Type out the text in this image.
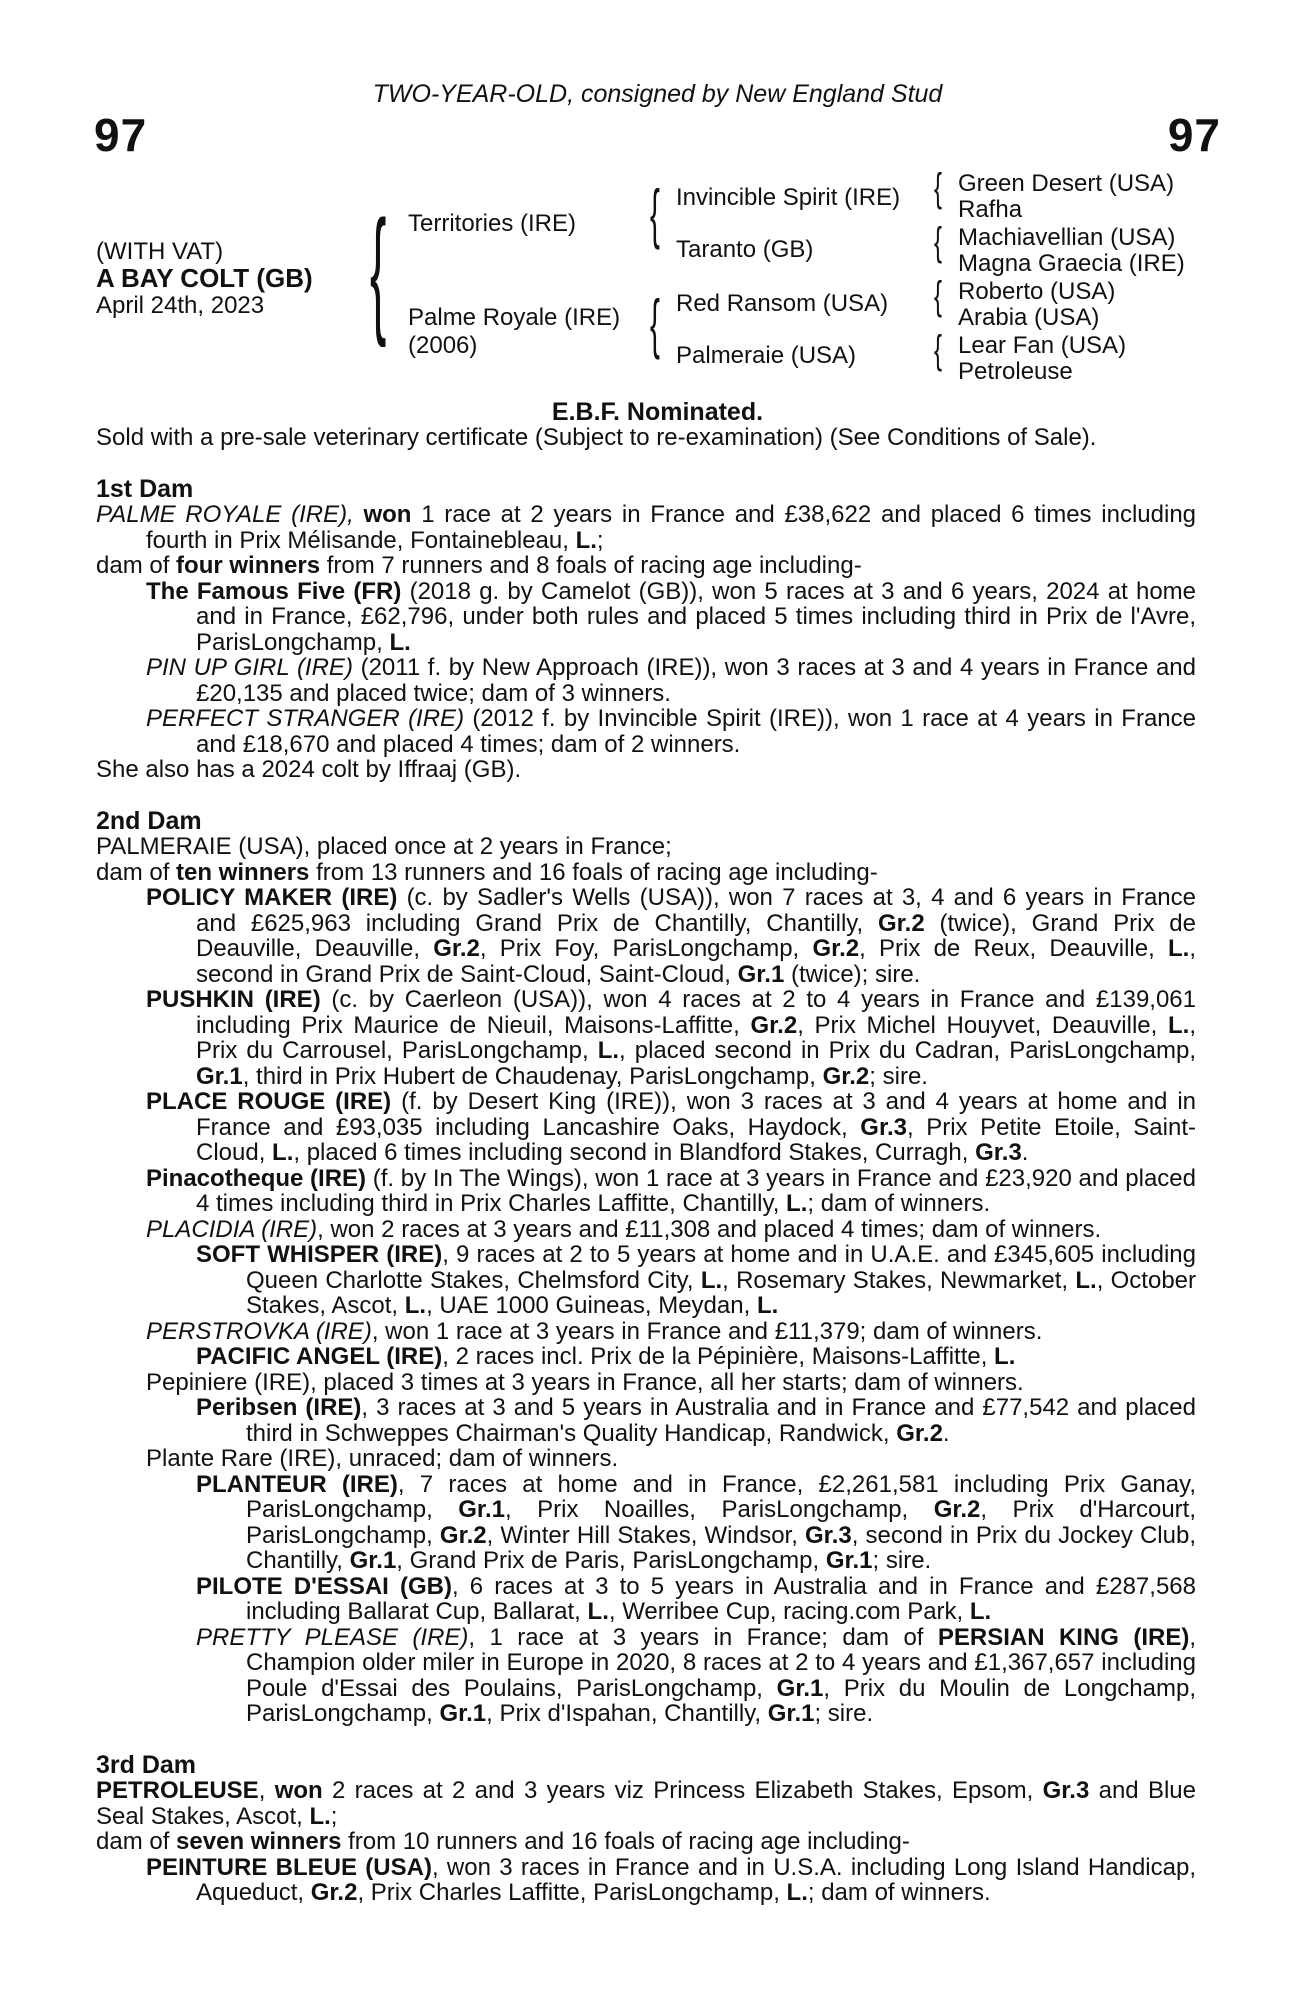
TWO-YEAR-OLD, consigned by New England Stud
97	97
(WITH VAT)
A BAY COLT (GB)
April 24th, 2023 { Territories (IRE)
Palme Royale (IRE)
(2006)
{ Invincible Spirit (IRE)
Taranto (GB)
{ Red Ransom (USA)
Palmeraie (USA)
{ Green Desert (USA)
Rafha
{ Machiavellian (USA)
Magna Graecia (IRE)
{ Roberto (USA)
Arabia (USA)
{ Lear Fan (USA)
Petroleuse
E.B.F. Nominated.
Sold with a pre-sale veterinary certificate (Subject to re-examination) (See Conditions of Sale).
1st Dam
PALME ROYALE (IRE), won 1 race at 2 years in France and £38,622 and placed 6 times including fourth in Prix Mélisande, Fontainebleau, L.;
dam of four winners from 7 runners and 8 foals of racing age including-
The Famous Five (FR) (2018 g. by Camelot (GB)), won 5 races at 3 and 6 years, 2024 at home and in France, £62,796, under both rules and placed 5 times including third in Prix de l'Avre, ParisLongchamp, L.
PIN UP GIRL (IRE) (2011 f. by New Approach (IRE)), won 3 races at 3 and 4 years in France and £20,135 and placed twice; dam of 3 winners.
PERFECT STRANGER (IRE) (2012 f. by Invincible Spirit (IRE)), won 1 race at 4 years in France and £18,670 and placed 4 times; dam of 2 winners.
She also has a 2024 colt by Iffraaj (GB).
2nd Dam
PALMERAIE (USA), placed once at 2 years in France;
dam of ten winners from 13 runners and 16 foals of racing age including-
POLICY MAKER (IRE) (c. by Sadler's Wells (USA)), won 7 races at 3, 4 and 6 years in France and £625,963 including Grand Prix de Chantilly, Chantilly, Gr.2 (twice), Grand Prix de Deauville, Deauville, Gr.2, Prix Foy, ParisLongchamp, Gr.2, Prix de Reux, Deauville, L., second in Grand Prix de Saint-Cloud, Saint-Cloud, Gr.1 (twice); sire.
PUSHKIN (IRE) (c. by Caerleon (USA)), won 4 races at 2 to 4 years in France and £139,061 including Prix Maurice de Nieuil, Maisons-Laffitte, Gr.2, Prix Michel Houyvet, Deauville, L., Prix du Carrousel, ParisLongchamp, L., placed second in Prix du Cadran, ParisLongchamp, Gr.1, third in Prix Hubert de Chaudenay, ParisLongchamp, Gr.2; sire.
PLACE ROUGE (IRE) (f. by Desert King (IRE)), won 3 races at 3 and 4 years at home and in France and £93,035 including Lancashire Oaks, Haydock, Gr.3, Prix Petite Etoile, Saint-Cloud, L., placed 6 times including second in Blandford Stakes, Curragh, Gr.3.
Pinacotheque (IRE) (f. by In The Wings), won 1 race at 3 years in France and £23,920 and placed 4 times including third in Prix Charles Laffitte, Chantilly, L.; dam of winners.
PLACIDIA (IRE), won 2 races at 3 years and £11,308 and placed 4 times; dam of winners.
SOFT WHISPER (IRE), 9 races at 2 to 5 years at home and in U.A.E. and £345,605 including Queen Charlotte Stakes, Chelmsford City, L., Rosemary Stakes, Newmarket, L., October Stakes, Ascot, L., UAE 1000 Guineas, Meydan, L.
PERSTROVKA (IRE), won 1 race at 3 years in France and £11,379; dam of winners.
PACIFIC ANGEL (IRE), 2 races incl. Prix de la Pépinière, Maisons-Laffitte, L.
Pepiniere (IRE), placed 3 times at 3 years in France, all her starts; dam of winners.
Peribsen (IRE), 3 races at 3 and 5 years in Australia and in France and £77,542 and placed third in Schweppes Chairman's Quality Handicap, Randwick, Gr.2.
Plante Rare (IRE), unraced; dam of winners.
PLANTEUR (IRE), 7 races at home and in France, £2,261,581 including Prix Ganay, ParisLongchamp, Gr.1, Prix Noailles, ParisLongchamp, Gr.2, Prix d'Harcourt, ParisLongchamp, Gr.2, Winter Hill Stakes, Windsor, Gr.3, second in Prix du Jockey Club, Chantilly, Gr.1, Grand Prix de Paris, ParisLongchamp, Gr.1; sire.
PILOTE D'ESSAI (GB), 6 races at 3 to 5 years in Australia and in France and £287,568 including Ballarat Cup, Ballarat, L., Werribee Cup, racing.com Park, L.
PRETTY PLEASE (IRE), 1 race at 3 years in France; dam of PERSIAN KING (IRE), Champion older miler in Europe in 2020, 8 races at 2 to 4 years and £1,367,657 including Poule d'Essai des Poulains, ParisLongchamp, Gr.1, Prix du Moulin de Longchamp, ParisLongchamp, Gr.1, Prix d'Ispahan, Chantilly, Gr.1; sire.
3rd Dam
PETROLEUSE, won 2 races at 2 and 3 years viz Princess Elizabeth Stakes, Epsom, Gr.3 and Blue Seal Stakes, Ascot, L.;
dam of seven winners from 10 runners and 16 foals of racing age including-
PEINTURE BLEUE (USA), won 3 races in France and in U.S.A. including Long Island Handicap, Aqueduct, Gr.2, Prix Charles Laffitte, ParisLongchamp, L.; dam of winners.
